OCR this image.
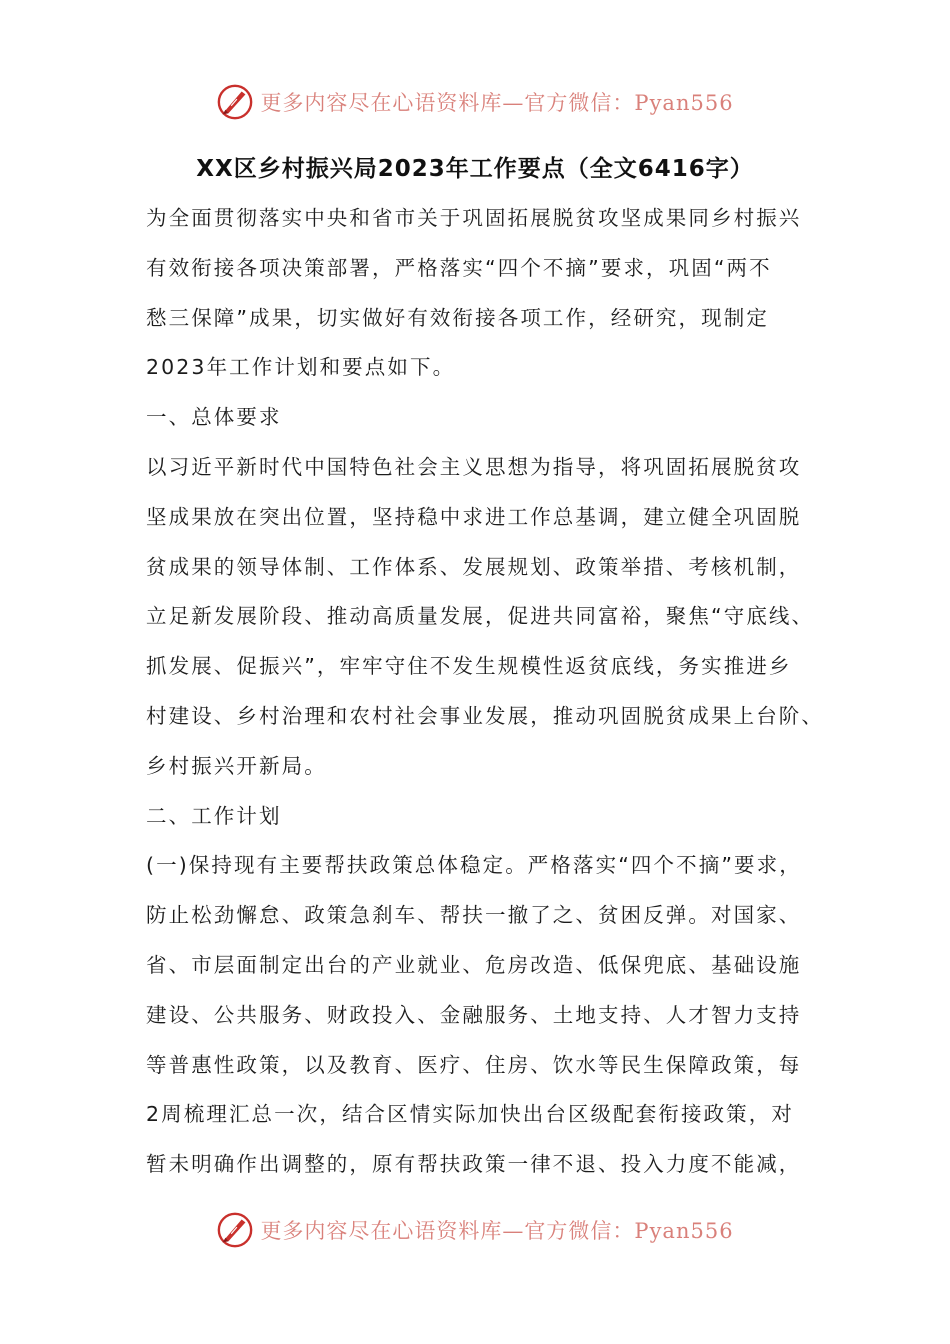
更多内容尽在心语资料库—官方微信：Pyan556
XX区乡村振兴局2023年工作要点（全文6416字）
为全面贯彻落实中央和省市关于巩固拓展脱贫攻坚成果同乡村振兴
有效衔接各项决策部署，严格落实“四个不摘”要求，巩固“两不
愁三保障”成果，切实做好有效衔接各项工作，经研究，现制定
2023年工作计划和要点如下。
一、总体要求
以习近平新时代中国特色社会主义思想为指导，将巩固拓展脱贫攻
坚成果放在突出位置，坚持稳中求进工作总基调，建立健全巩固脱
贫成果的领导体制、工作体系、发展规划、政策举措、考核机制，
立足新发展阶段、推动高质量发展，促进共同富裕，聚焦“守底线、
抓发展、促振兴”，牢牢守住不发生规模性返贫底线，务实推进乡
村建设、乡村治理和农村社会事业发展，推动巩固脱贫成果上台阶、
乡村振兴开新局。
二、工作计划
(一)保持现有主要帮扶政策总体稳定。严格落实“四个不摘”要求，
防止松劲懈怠、政策急刹车、帮扶一撤了之、贫困反弹。对国家、
省、市层面制定出台的产业就业、危房改造、低保兜底、基础设施
建设、公共服务、财政投入、金融服务、土地支持、人才智力支持
等普惠性政策，以及教育、医疗、住房、饮水等民生保障政策，每
2周梳理汇总一次，结合区情实际加快出台区级配套衔接政策，对
暂未明确作出调整的，原有帮扶政策一律不退、投入力度不能减，
更多内容尽在心语资料库—官方微信：Pyan556
